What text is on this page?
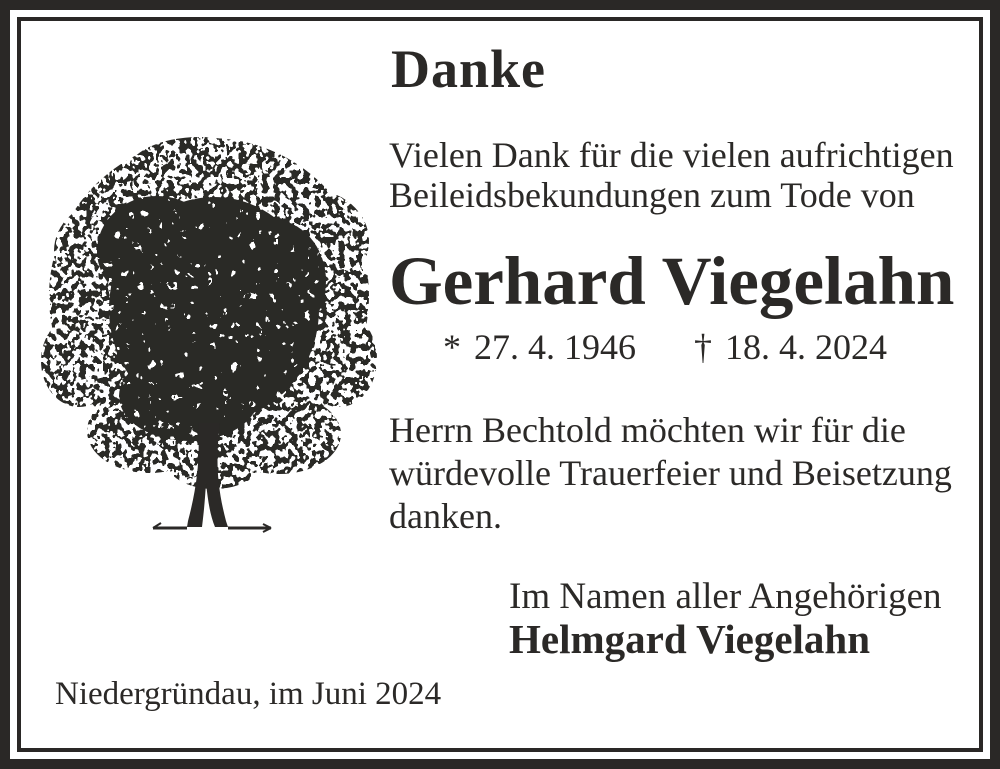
Danke
Vielen Dank für die vielen aufrichtigen
Beileidsbekundungen zum Tode von
Gerhard Viegelahn
* 27. 4. 1946 † 18. 4. 2024
Herrn Bechtold möchten wir für die
würdevolle Trauerfeier und Beisetzung
danken.
Im Namen aller Angehörigen
Helmgard Viegelahn
Niedergründau, im Juni 2024
